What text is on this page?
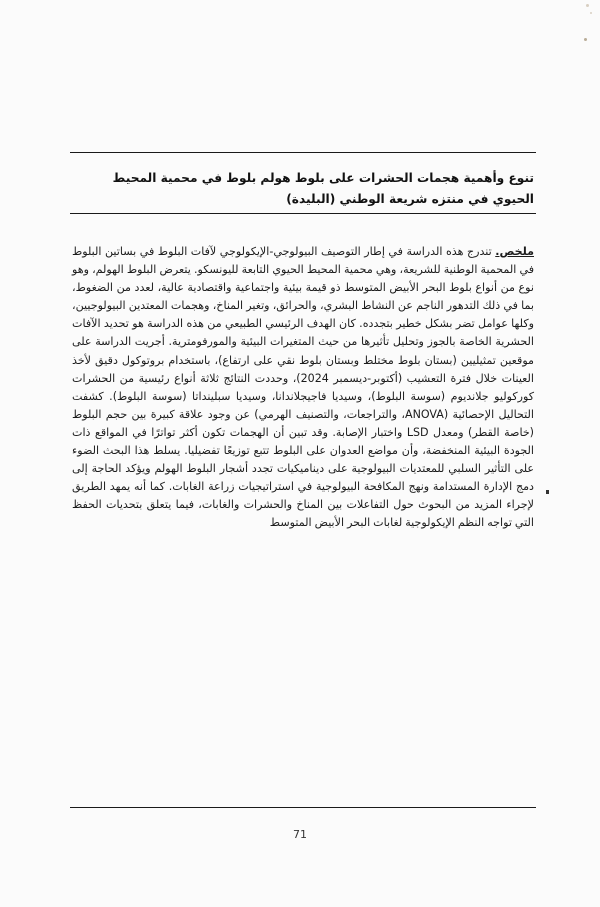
تنوع وأهمية هجمات الحشرات على بلوط هولم بلوط في محمية المحيط الحيوي في منتزه شريعة الوطني (البليدة)
ملخص. تندرج هذه الدراسة في إطار التوصيف البيولوجي-الإيكولوجي لآفات البلوط في بساتين البلوط في المحمية الوطنية للشريعة، وهي محمية المحيط الحيوي التابعة لليونسكو. يتعرض البلوط الهولم، وهو نوع من أنواع بلوط البحر الأبيض المتوسط ذو قيمة بيئية واجتماعية واقتصادية عالية، لعدد من الضغوط، بما في ذلك التدهور الناجم عن النشاط البشري، والحرائق، وتغير المناخ، وهجمات المعتدين البيولوجيين، وكلها عوامل تضر بشكل خطير بتجدده. كان الهدف الرئيسي الطبيعي من هذه الدراسة هو تحديد الآفات الحشرية الخاصة بالجوز وتحليل تأثيرها من حيث المتغيرات البيئية والمورفومترية. أجريت الدراسة على موقعين تمثيليين (بستان بلوط مختلط وبستان بلوط نقي على ارتفاع)، باستخدام بروتوكول دقيق لأخذ العينات خلال فترة التعشيب (أكتوبر-ديسمبر 2024)، وحددت النتائج ثلاثة أنواع رئيسية من الحشرات كوركوليو جلانديوم (سوسة البلوط)، وسيديا فاجيجلاندانا، وسيديا سبلينداتا (سوسة البلوط). كشفت التحاليل الإحصائية (ANOVA، والتراجعات، والتصنيف الهرمي) عن وجود علاقة كبيرة بين حجم البلوط (خاصة القطر) ومعدل LSD واختبار الإصابة. وقد تبين أن الهجمات تكون أكثر تواترًا في المواقع ذات الجودة البيئية المنخفضة، وأن مواضع العدوان على البلوط تتبع توزيعًا تفضيليا. يسلط هذا البحث الضوء على التأثير السلبي للمعتديات البيولوجية على ديناميكيات تجدد أشجار البلوط الهولم ويؤكد الحاجة إلى دمج الإدارة المستدامة ونهج المكافحة البيولوجية في استراتيجيات زراعة الغابات. كما أنه يمهد الطريق لإجراء المزيد من البحوث حول التفاعلات بين المناخ والحشرات والغابات، فيما يتعلق بتحديات الحفظ التي تواجه النظم الإيكولوجية لغابات البحر الأبيض المتوسط
71
